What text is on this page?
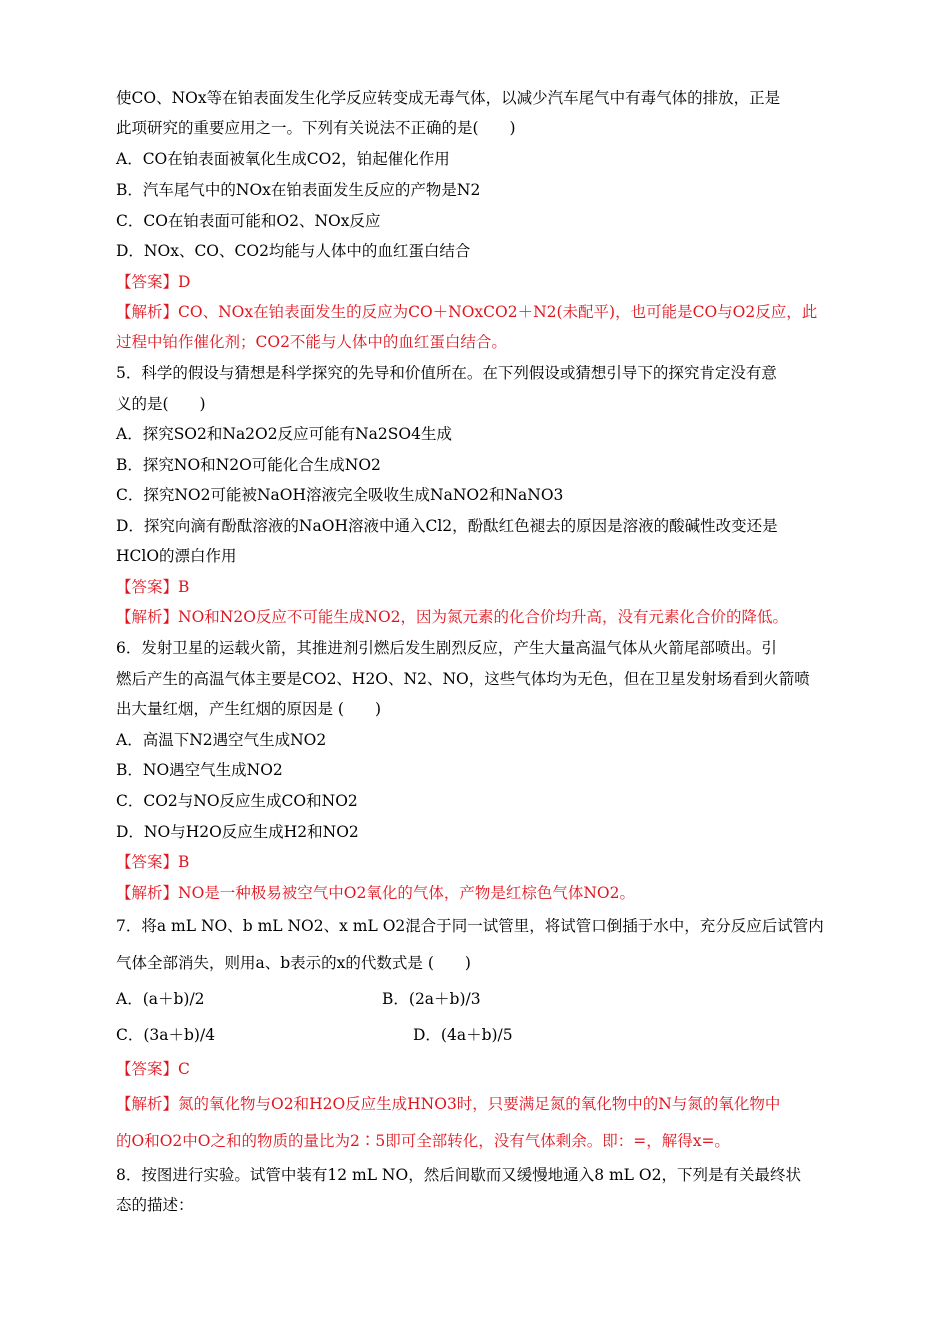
使CO、NOx等在铂表面发生化学反应转变成无毒气体，以减少汽车尾气中有毒气体的排放，正是
此项研究的重要应用之一。下列有关说法不正确的是(　　)
A．CO在铂表面被氧化生成CO2，铂起催化作用
B．汽车尾气中的NOx在铂表面发生反应的产物是N2
C．CO在铂表面可能和O2、NOx反应
D．NOx、CO、CO2均能与人体中的血红蛋白结合
【答案】D
【解析】CO、NOx在铂表面发生的反应为CO＋NOxCO2＋N2(未配平)，也可能是CO与O2反应，此
过程中铂作催化剂；CO2不能与人体中的血红蛋白结合。
5．科学的假设与猜想是科学探究的先导和价值所在。在下列假设或猜想引导下的探究肯定没有意
义的是(　　)
A．探究SO2和Na2O2反应可能有Na2SO4生成
B．探究NO和N2O可能化合生成NO2
C．探究NO2可能被NaOH溶液完全吸收生成NaNO2和NaNO3
D．探究向滴有酚酞溶液的NaOH溶液中通入Cl2，酚酞红色褪去的原因是溶液的酸碱性改变还是
HClO的漂白作用
【答案】B
【解析】NO和N2O反应不可能生成NO2，因为氮元素的化合价均升高，没有元素化合价的降低。
6．发射卫星的运载火箭，其推进剂引燃后发生剧烈反应，产生大量高温气体从火箭尾部喷出。引
燃后产生的高温气体主要是CO2、H2O、N2、NO，这些气体均为无色，但在卫星发射场看到火箭喷
出大量红烟，产生红烟的原因是 (　　)
A．高温下N2遇空气生成NO2
B．NO遇空气生成NO2
C．CO2与NO反应生成CO和NO2
D．NO与H2O反应生成H2和NO2
【答案】B
【解析】NO是一种极易被空气中O2氧化的气体，产物是红棕色气体NO2。
7．将a mL NO、b mL NO2、x mL O2混合于同一试管里，将试管口倒插于水中，充分反应后试管内
气体全部消失，则用a、b表示的x的代数式是 (　　)
A．(a＋b)/2	B．(2a＋b)/3
C．(3a＋b)/4	D．(4a＋b)/5
【答案】C
【解析】氮的氧化物与O2和H2O反应生成HNO3时，只要满足氮的氧化物中的N与氮的氧化物中
的O和O2中O之和的物质的量比为2∶5即可全部转化，没有气体剩余。即：=，解得x=。
8．按图进行实验。试管中装有12 mL NO，然后间歇而又缓慢地通入8 mL O2，下列是有关最终状
态的描述：
